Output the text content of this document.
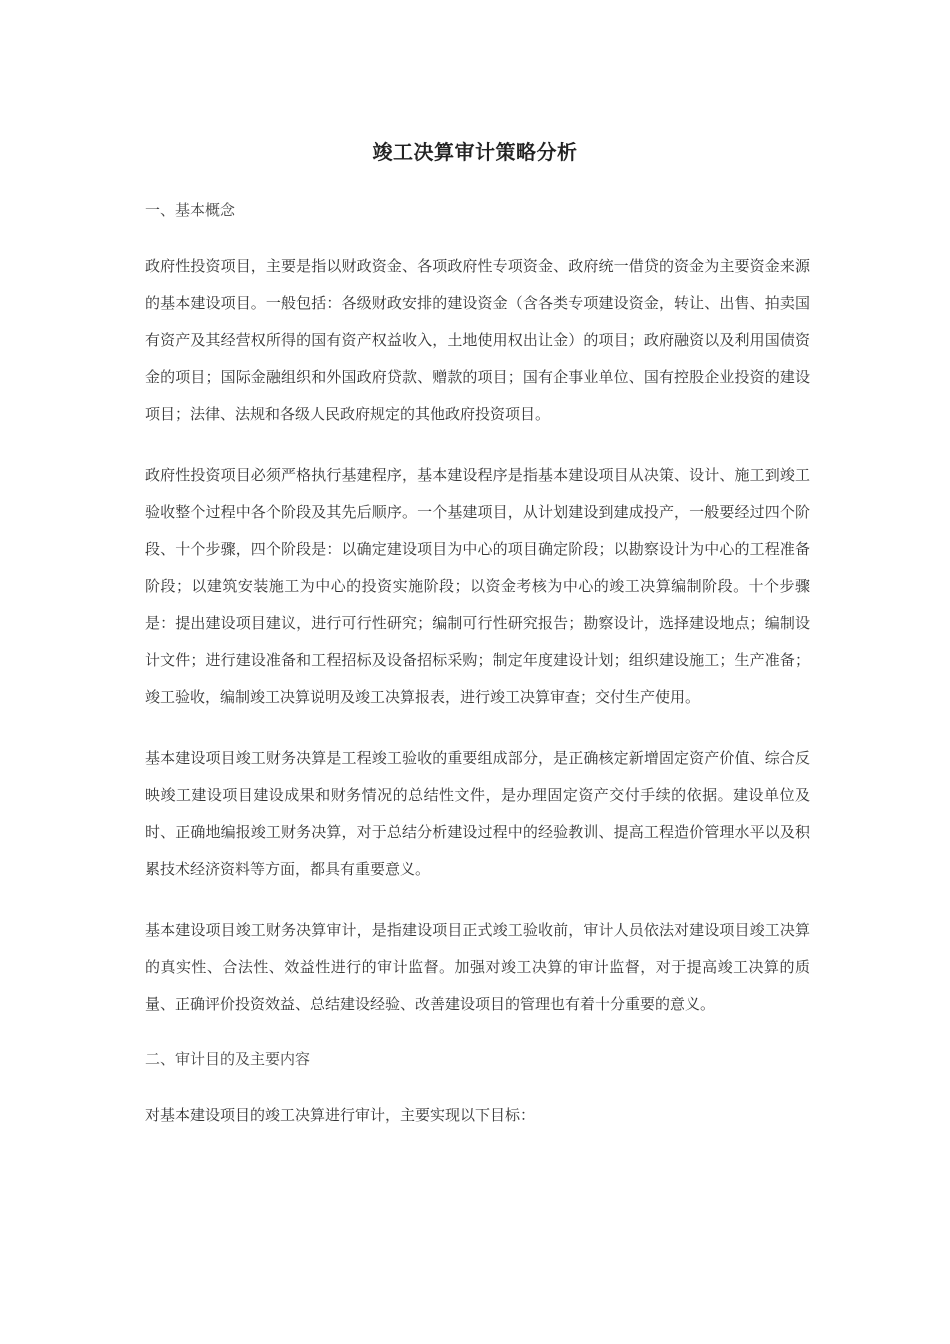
竣工决算审计策略分析
一、基本概念

政府性投资项目，主要是指以财政资金、各项政府性专项资金、政府统一借贷的资金为主要资金来源的基本建设项目。一般包括：各级财政安排的建设资金（含各类专项建设资金，转让、出售、拍卖国有资产及其经营权所得的国有资产权益收入，土地使用权出让金）的项目；政府融资以及利用国债资金的项目；国际金融组织和外国政府贷款、赠款的项目；国有企事业单位、国有控股企业投资的建设项目；法律、法规和各级人民政府规定的其他政府投资项目。

政府性投资项目必须严格执行基建程序，基本建设程序是指基本建设项目从决策、设计、施工到竣工验收整个过程中各个阶段及其先后顺序。一个基建项目，从计划建设到建成投产，一般要经过四个阶段、十个步骤，四个阶段是：以确定建设项目为中心的项目确定阶段；以勘察设计为中心的工程准备阶段；以建筑安装施工为中心的投资实施阶段；以资金考核为中心的竣工决算编制阶段。十个步骤是：提出建设项目建议，进行可行性研究；编制可行性研究报告；勘察设计，选择建设地点；编制设计文件；进行建设准备和工程招标及设备招标采购；制定年度建设计划；组织建设施工；生产准备；竣工验收，编制竣工决算说明及竣工决算报表，进行竣工决算审查；交付生产使用。

基本建设项目竣工财务决算是工程竣工验收的重要组成部分，是正确核定新增固定资产价值、综合反映竣工建设项目建设成果和财务情况的总结性文件，是办理固定资产交付手续的依据。建设单位及时、正确地编报竣工财务决算，对于总结分析建设过程中的经验教训、提高工程造价管理水平以及积累技术经济资料等方面，都具有重要意义。

基本建设项目竣工财务决算审计，是指建设项目正式竣工验收前，审计人员依法对建设项目竣工决算的真实性、合法性、效益性进行的审计监督。加强对竣工决算的审计监督，对于提高竣工决算的质量、正确评价投资效益、总结建设经验、改善建设项目的管理也有着十分重要的意义。

二、审计目的及主要内容

对基本建设项目的竣工决算进行审计，主要实现以下目标：
